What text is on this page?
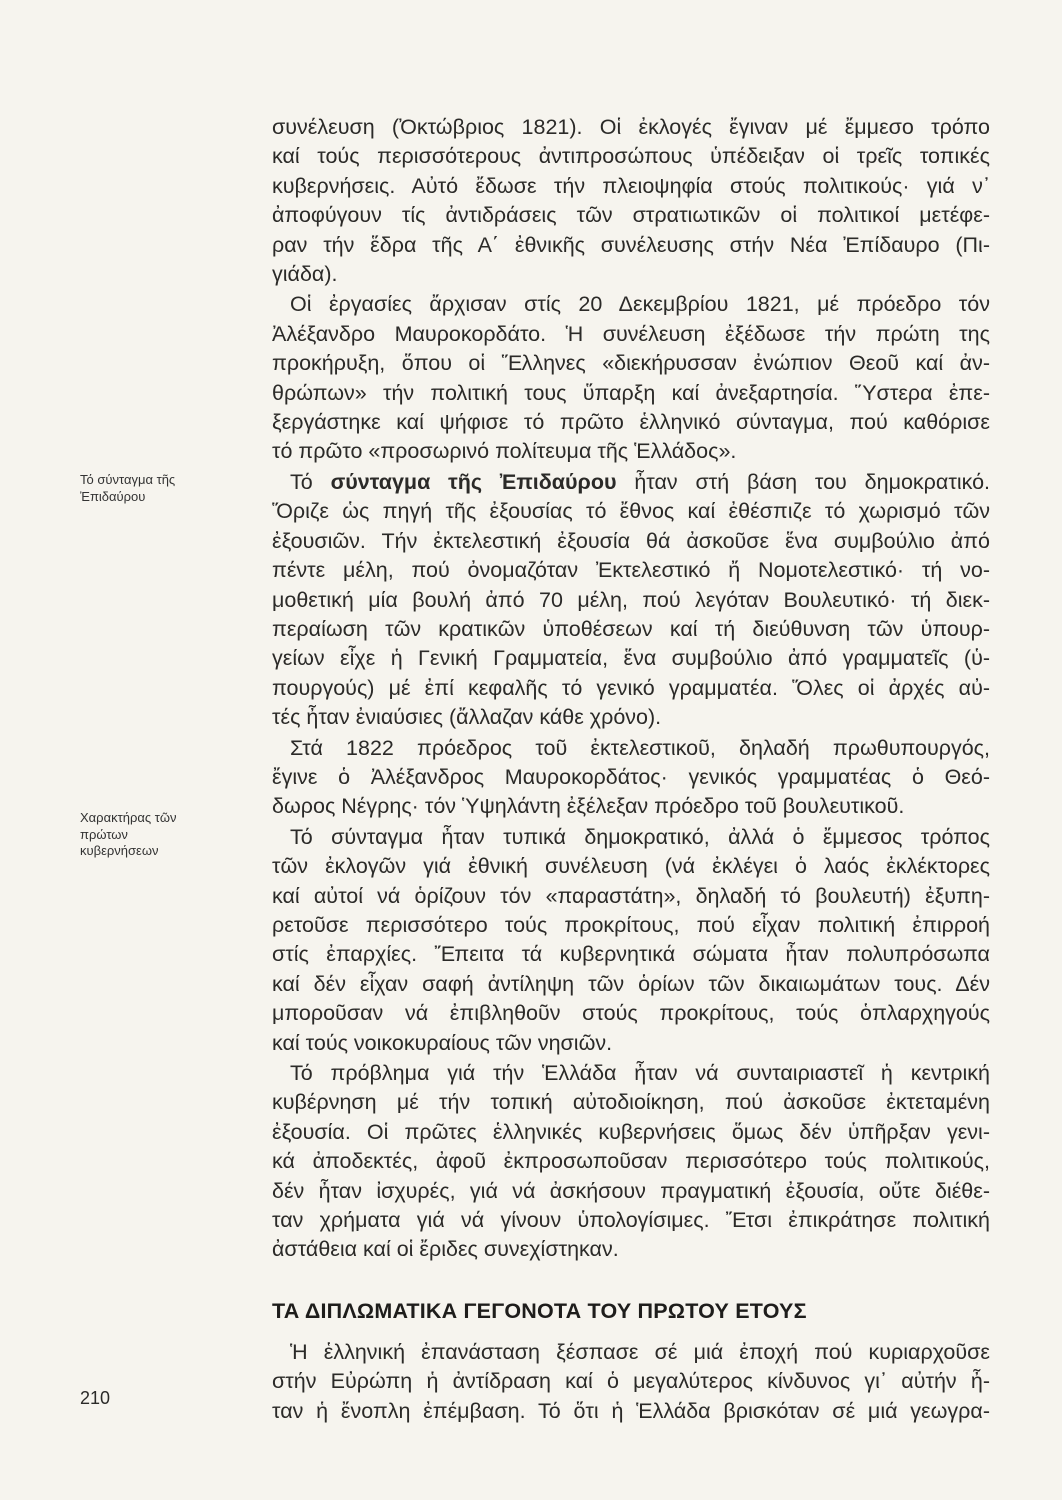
Τό σύνταγμα τῆς
Ἐπιδαύρου
Χαρακτήρας τῶν
πρώτων
κυβερνήσεων
συνέλευση (Ὀκτώβριος 1821). Οἱ ἐκλογές ἔγιναν μέ ἔμμεσο τρόπο
καί τούς περισσότερους ἀντιπροσώπους ὑπέδειξαν οἱ τρεῖς τοπικές
κυβερνήσεις. Αὐτό ἔδωσε τήν πλειοψηφία στούς πολιτικούς· γιά ν᾽
ἀποφύγουν τίς ἀντιδράσεις τῶν στρατιωτικῶν οἱ πολιτικοί μετέφε-
ραν τήν ἕδρα τῆς Α΄ ἐθνικῆς συνέλευσης στήν Νέα Ἐπίδαυρο (Πι-
γιάδα).
Οἱ ἐργασίες ἄρχισαν στίς 20 Δεκεμβρίου 1821, μέ πρόεδρο τόν
Ἀλέξανδρο Μαυροκορδάτο. Ἡ συνέλευση ἐξέδωσε τήν πρώτη της
προκήρυξη, ὅπου οἱ Ἕλληνες «διεκήρυσσαν ἐνώπιον Θεοῦ καί ἀν-
θρώπων» τήν πολιτική τους ὕπαρξη καί ἀνεξαρτησία. Ὕστερα ἐπε-
ξεργάστηκε καί ψήφισε τό πρῶτο ἑλληνικό σύνταγμα, πού καθόρισε
τό πρῶτο «προσωρινό πολίτευμα τῆς Ἑλλάδος».
Τό σύνταγμα τῆς Ἐπιδαύρου ἦταν στή βάση του δημοκρατικό.
Ὅριζε ὡς πηγή τῆς ἐξουσίας τό ἔθνος καί ἐθέσπιζε τό χωρισμό τῶν
ἐξουσιῶν. Τήν ἐκτελεστική ἐξουσία θά ἀσκοῦσε ἕνα συμβούλιο ἀπό
πέντε μέλη, πού ὀνομαζόταν Ἐκτελεστικό ἤ Νομοτελεστικό· τή νο-
μοθετική μία βουλή ἀπό 70 μέλη, πού λεγόταν Βουλευτικό· τή διεκ-
περαίωση τῶν κρατικῶν ὑποθέσεων καί τή διεύθυνση τῶν ὑπουρ-
γείων εἶχε ἡ Γενική Γραμματεία, ἕνα συμβούλιο ἀπό γραμματεῖς (ὑ-
πουργούς) μέ ἐπί κεφαλῆς τό γενικό γραμματέα. Ὅλες οἱ ἀρχές αὐ-
τές ἦταν ἐνιαύσιες (ἄλλαζαν κάθε χρόνο).
Στά 1822 πρόεδρος τοῦ ἐκτελεστικοῦ, δηλαδή πρωθυπουργός,
ἔγινε ὁ Ἀλέξανδρος Μαυροκορδάτος· γενικός γραμματέας ὁ Θεό-
δωρος Νέγρης· τόν Ὑψηλάντη ἐξέλεξαν πρόεδρο τοῦ βουλευτικοῦ.
Τό σύνταγμα ἦταν τυπικά δημοκρατικό, ἀλλά ὁ ἔμμεσος τρόπος
τῶν ἐκλογῶν γιά ἐθνική συνέλευση (νά ἐκλέγει ὁ λαός ἐκλέκτορες
καί αὐτοί νά ὁρίζουν τόν «παραστάτη», δηλαδή τό βουλευτή) ἐξυπη-
ρετοῦσε περισσότερο τούς προκρίτους, πού εἶχαν πολιτική ἐπιρροή
στίς ἐπαρχίες. Ἔπειτα τά κυβερνητικά σώματα ἦταν πολυπρόσωπα
καί δέν εἶχαν σαφή ἀντίληψη τῶν ὁρίων τῶν δικαιωμάτων τους. Δέν
μποροῦσαν νά ἐπιβληθοῦν στούς προκρίτους, τούς ὁπλαρχηγούς
καί τούς νοικοκυραίους τῶν νησιῶν.
Τό πρόβλημα γιά τήν Ἑλλάδα ἦταν νά συνταιριαστεῖ ἡ κεντρική
κυβέρνηση μέ τήν τοπική αὐτοδιοίκηση, πού ἀσκοῦσε ἐκτεταμένη
ἐξουσία. Οἱ πρῶτες ἑλληνικές κυβερνήσεις ὅμως δέν ὑπῆρξαν γενι-
κά ἀποδεκτές, ἀφοῦ ἐκπροσωποῦσαν περισσότερο τούς πολιτικούς,
δέν ἦταν ἰσχυρές, γιά νά ἀσκήσουν πραγματική ἐξουσία, οὔτε διέθε-
ταν χρήματα γιά νά γίνουν ὑπολογίσιμες. Ἔτσι ἐπικράτησε πολιτική
ἀστάθεια καί οἱ ἔριδες συνεχίστηκαν.
ΤΑ ΔΙΠΛΩΜΑΤΙΚΑ ΓΕΓΟΝΟΤΑ ΤΟΥ ΠΡΩΤΟΥ ΕΤΟΥΣ
Ἡ ἑλληνική ἐπανάσταση ξέσπασε σέ μιά ἐποχή πού κυριαρχοῦσε
στήν Εὐρώπη ἡ ἀντίδραση καί ὁ μεγαλύτερος κίνδυνος γι᾽ αὐτήν ἦ-
ταν ἡ ἔνοπλη ἐπέμβαση. Τό ὅτι ἡ Ἑλλάδα βρισκόταν σέ μιά γεωγρα-
210
